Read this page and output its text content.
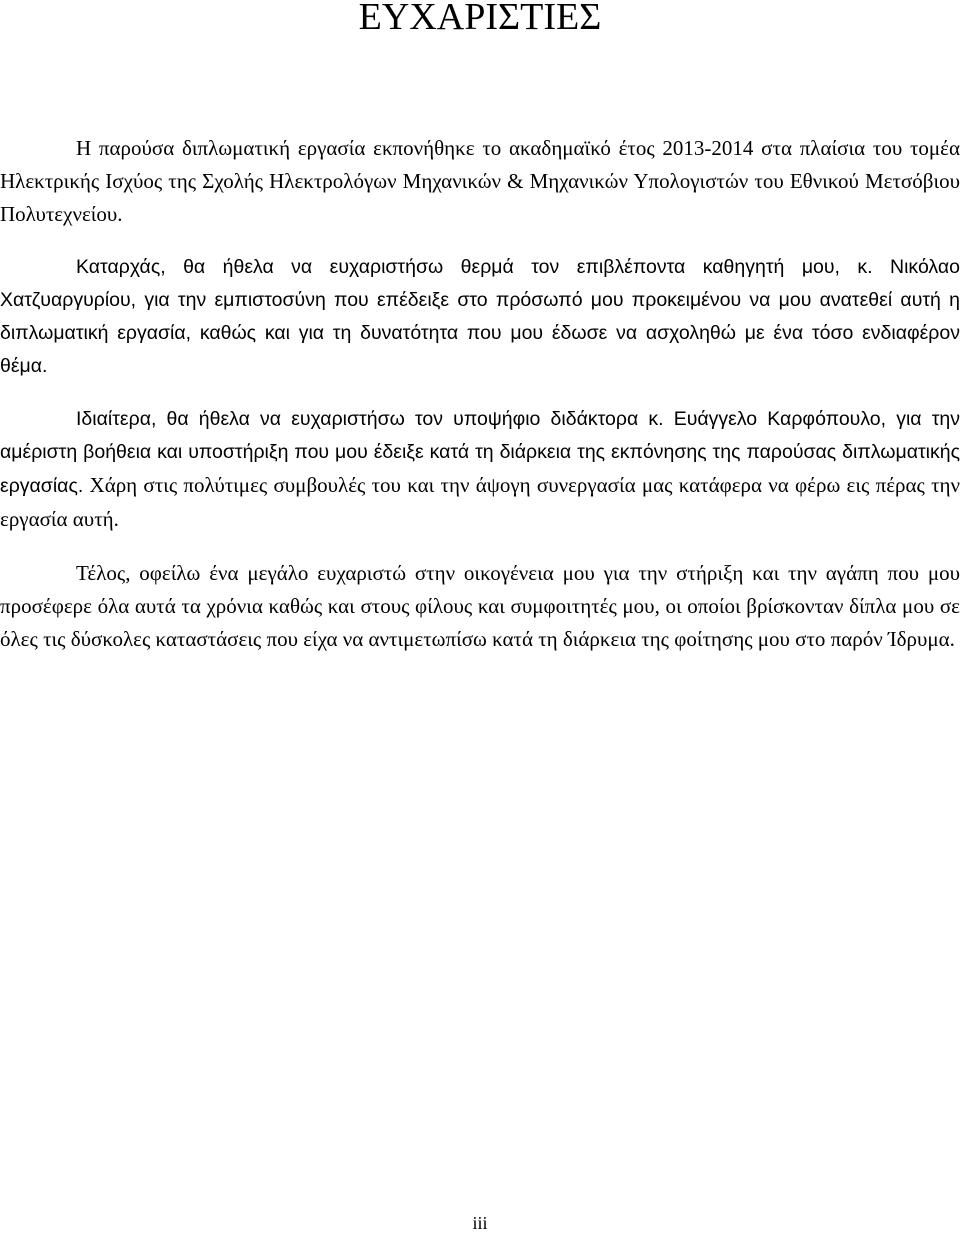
ΕΥΧΑΡΙΣΤΙΕΣ

Η παρούσα διπλωματική εργασία εκπονήθηκε το ακαδημαϊκό έτος 2013-2014 στα πλαίσια του τομέα Ηλεκτρικής Ισχύος της Σχολής Ηλεκτρολόγων Μηχανικών & Μηχανικών Υπολογιστών του Εθνικού Μετσόβιου Πολυτεχνείου.

Καταρχάς, θα ήθελα να ευχαριστήσω θερμά τον επιβλέποντα καθηγητή μου, κ. Νικόλαο Χατζυαργυρίου, για την εμπιστοσύνη που επέδειξε στο πρόσωπό μου προκειμένου να μου ανατεθεί αυτή η διπλωματική εργασία, καθώς και για τη δυνατότητα που μου έδωσε να ασχοληθώ με ένα τόσο ενδιαφέρον θέμα.

Ιδιαίτερα, θα ήθελα να ευχαριστήσω τον υποψήφιο διδάκτορα κ. Ευάγγελο Καρφόπουλο, για την αμέριστη βοήθεια και υποστήριξη που μου έδειξε κατά τη διάρκεια της εκπόνησης της παρούσας διπλωματικής εργασίας. Χάρη στις πολύτιμες συμβουλές του και την άψογη συνεργασία μας κατάφερα να φέρω εις πέρας την εργασία αυτή.

Τέλος, οφείλω ένα μεγάλο ευχαριστώ στην οικογένεια μου για την στήριξη και την αγάπη που μου προσέφερε όλα αυτά τα χρόνια καθώς και στους φίλους και συμφοιτητές μου, οι οποίοι βρίσκονταν δίπλα μου σε όλες τις δύσκολες καταστάσεις που είχα να αντιμετωπίσω κατά τη διάρκεια της φοίτησης μου στο παρόν Ίδρυμα.

iii
